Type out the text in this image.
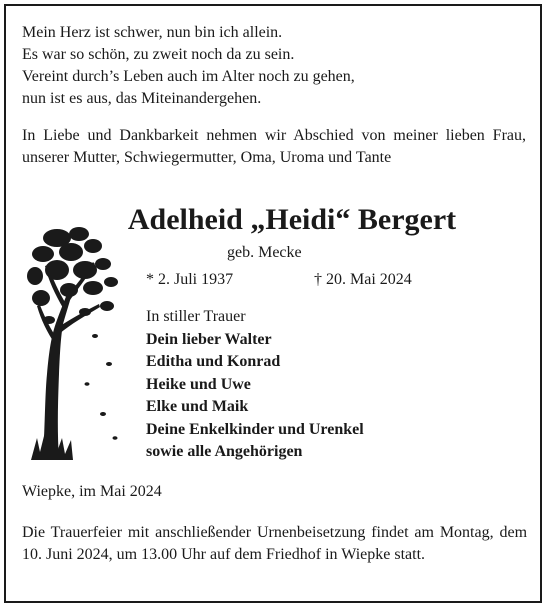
Mein Herz ist schwer, nun bin ich allein.
Es war so schön, zu zweit noch da zu sein.
Vereint durch’s Leben auch im Alter noch zu gehen,
nun ist es aus, das Miteinandergehen.
In Liebe und Dankbarkeit nehmen wir Abschied von meiner lieben Frau, unserer Mutter, Schwiegermutter, Oma, Uroma und Tante
Adelheid „Heidi“ Bergert
geb. Mecke
* 2. Juli 1937	† 20. Mai 2024
In stiller Trauer
Dein lieber Walter
Editha und Konrad
Heike und Uwe
Elke und Maik
Deine Enkelkinder und Urenkel
sowie alle Angehörigen
Wiepke, im Mai 2024
Die Trauerfeier mit anschließender Urnenbeisetzung findet am Montag, dem 10. Juni 2024, um 13.00 Uhr auf dem Friedhof in Wiepke statt.
